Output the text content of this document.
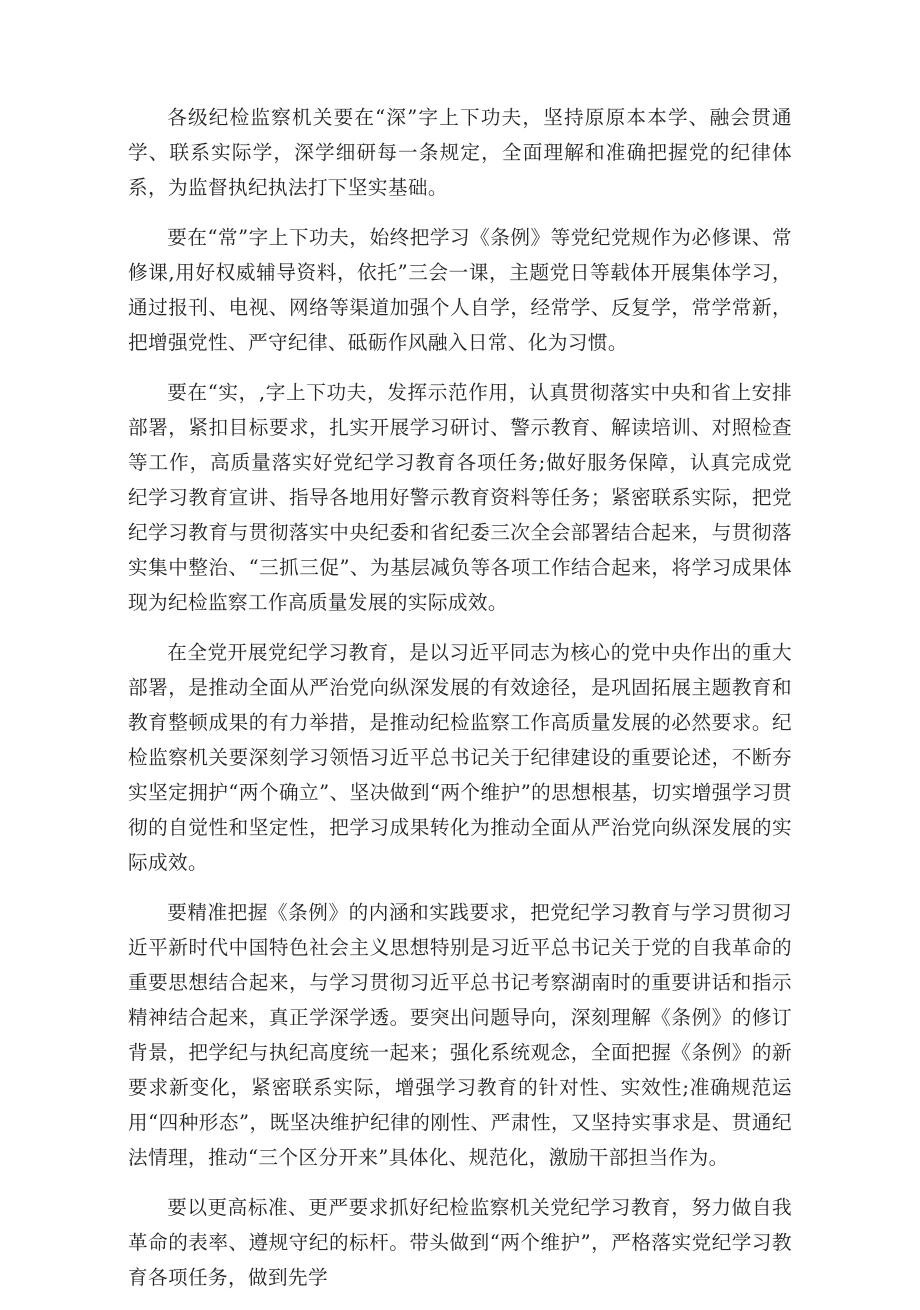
各级纪检监察机关要在“深”字上下功夫，坚持原原本本学、融会贯通学、联系实际学，深学细研每一条规定，全面理解和准确把握党的纪律体系，为监督执纪执法打下坚实基础。

要在“常”字上下功夫，始终把学习《条例》等党纪党规作为必修课、常修课,用好权威辅导资料，依托”三会一课，主题党日等载体开展集体学习，通过报刊、电视、网络等渠道加强个人自学，经常学、反复学，常学常新，把增强党性、严守纪律、砥砺作风融入日常、化为习惯。

要在“实，,字上下功夫，发挥示范作用，认真贯彻落实中央和省上安排部署，紧扣目标要求，扎实开展学习研讨、警示教育、解读培训、对照检查等工作，高质量落实好党纪学习教育各项任务;做好服务保障，认真完成党纪学习教育宣讲、指导各地用好警示教育资料等任务；紧密联系实际，把党纪学习教育与贯彻落实中央纪委和省纪委三次全会部署结合起来，与贯彻落实集中整治、“三抓三促”、为基层减负等各项工作结合起来，将学习成果体现为纪检监察工作高质量发展的实际成效。

在全党开展党纪学习教育，是以习近平同志为核心的党中央作出的重大部署，是推动全面从严治党向纵深发展的有效途径，是巩固拓展主题教育和教育整顿成果的有力举措，是推动纪检监察工作高质量发展的必然要求。纪检监察机关要深刻学习领悟习近平总书记关于纪律建设的重要论述，不断夯实坚定拥护“两个确立”、坚决做到“两个维护”的思想根基，切实增强学习贯彻的自觉性和坚定性，把学习成果转化为推动全面从严治党向纵深发展的实际成效。

要精准把握《条例》的内涵和实践要求，把党纪学习教育与学习贯彻习近平新时代中国特色社会主义思想特别是习近平总书记关于党的自我革命的重要思想结合起来，与学习贯彻习近平总书记考察湖南时的重要讲话和指示精神结合起来，真正学深学透。要突出问题导向，深刻理解《条例》的修订背景，把学纪与执纪高度统一起来；强化系统观念，全面把握《条例》的新要求新变化，紧密联系实际，增强学习教育的针对性、实效性;准确规范运用“四种形态”，既坚决维护纪律的刚性、严肃性，又坚持实事求是、贯通纪法情理，推动“三个区分开来”具体化、规范化，激励干部担当作为。

要以更高标准、更严要求抓好纪检监察机关党纪学习教育，努力做自我革命的表率、遵规守纪的标杆。带头做到“两个维护”，严格落实党纪学习教育各项任务，做到先学
